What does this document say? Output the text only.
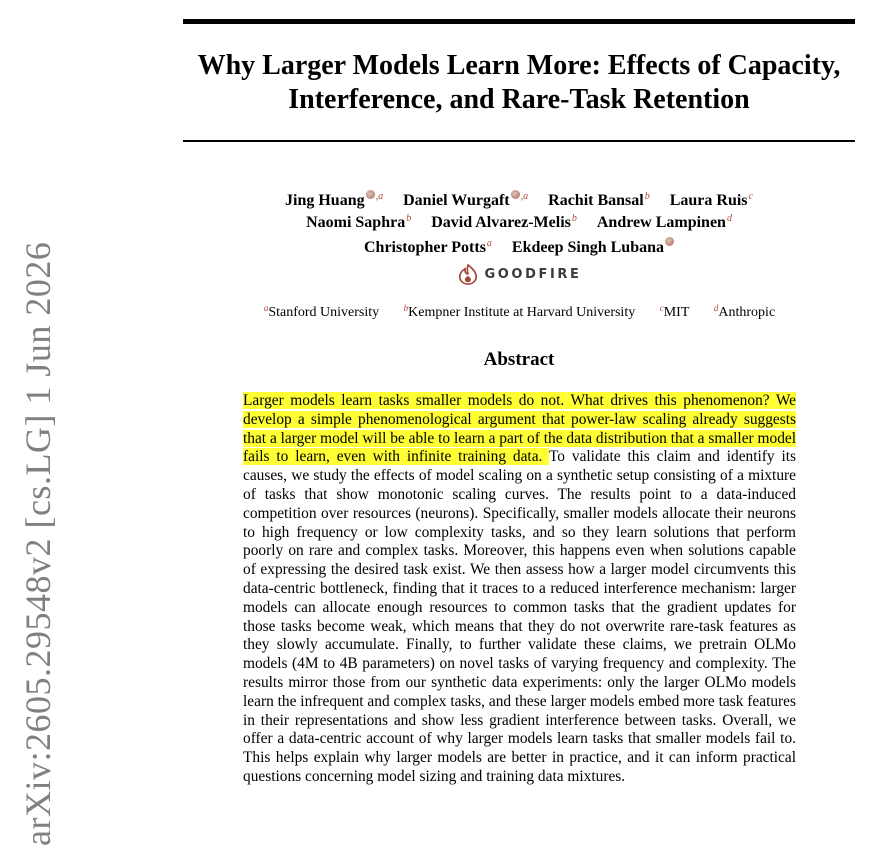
arXiv:2605.29548v2 [cs.LG] 1 Jun 2026
Why Larger Models Learn More: Effects of Capacity, Interference, and Rare-Task Retention
Jing Huang $^{,a}$ Daniel Wurgaft $^{,a}$ Rachit Bansal$^b$ Laura Ruis$^c$
Naomi Saphra$^b$ David Alvarez-Melis$^b$ Andrew Lampinen$^d$
Christopher Potts$^a$ Ekdeep Singh Lubana
GOODFIRE
$^a$Stanford University	$^b$Kempner Institute at Harvard University	$^c$MIT	$^d$Anthropic
Abstract

Larger models learn tasks smaller models do not. What drives this phenomenon? We develop a simple phenomenological argument that power-law scaling already suggests that a larger model will be able to learn a part of the data distribution that a smaller model fails to learn, even with infinite training data. To validate this claim and identify its causes, we study the effects of model scaling on a synthetic setup consisting of a mixture of tasks that show monotonic scaling curves. The results point to a data-induced competition over resources (neurons). Specifically, smaller models allocate their neurons to high frequency or low complexity tasks, and so they learn solutions that perform poorly on rare and complex tasks. Moreover, this happens even when solutions capable of expressing the desired task exist. We then assess how a larger model circumvents this data-centric bottleneck, finding that it traces to a reduced interference mechanism: larger models can allocate enough resources to common tasks that the gradient updates for those tasks become weak, which means that they do not overwrite rare-task features as they slowly accumulate. Finally, to further validate these claims, we pretrain OLMo models (4M to 4B parameters) on novel tasks of varying frequency and complexity. The results mirror those from our synthetic data experiments: only the larger OLMo models learn the infrequent and complex tasks, and these larger models embed more task features in their representations and show less gradient interference between tasks. Overall, we offer a data-centric account of why larger models learn tasks that smaller models fail to. This helps explain why larger models are better in practice, and it can inform practical questions concerning model sizing and training data mixtures.
